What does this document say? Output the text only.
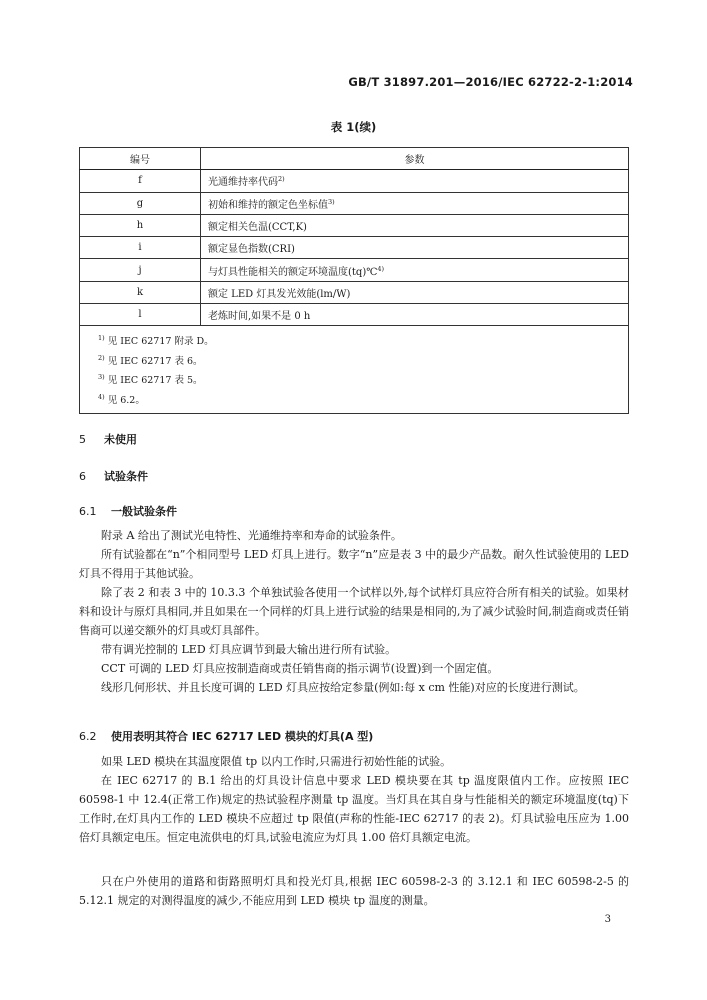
GB/T 31897.201—2016/IEC 62722-2-1:2014
表 1(续)
编号	参数
f	光通维持率代码$^{2)}$
g	初始和维持的额定色坐标值$^{3)}$
h	额定相关色温(CCT,K)
i	额定显色指数(CRI)
j	与灯具性能相关的额定环境温度(tq)℃$^{4)}$
k	额定 LED 灯具发光效能(lm/W)
l	老炼时间,如果不是 0 h

$^{1)}$ 见 IEC 62717 附录 D。
$^{2)}$ 见 IEC 62717 表 6。
$^{3)}$ 见 IEC 62717 表 5。
$^{4)}$ 见 6.2。	
5 未使用
6 试验条件
6.1 一般试验条件
附录 A 给出了测试光电特性、光通维持率和寿命的试验条件。
所有试验都在“n”个相同型号 LED 灯具上进行。数字“n”应是表 3 中的最少产品数。耐久性试验使用的 LED 灯具不得用于其他试验。
除了表 2 和表 3 中的 10.3.3 个单独试验各使用一个试样以外,每个试样灯具应符合所有相关的试验。如果材料和设计与原灯具相同,并且如果在一个同样的灯具上进行试验的结果是相同的,为了减少试验时间,制造商或责任销售商可以递交额外的灯具或灯具部件。
带有调光控制的 LED 灯具应调节到最大输出进行所有试验。
CCT 可调的 LED 灯具应按制造商或责任销售商的指示调节(设置)到一个固定值。
线形几何形状、并且长度可调的 LED 灯具应按给定参量(例如:每 x cm 性能)对应的长度进行测试。
6.2 使用表明其符合 IEC 62717 LED 模块的灯具(A 型)
如果 LED 模块在其温度限值 tp 以内工作时,只需进行初始性能的试验。
在 IEC 62717 的 B.1 给出的灯具设计信息中要求 LED 模块要在其 tp 温度限值内工作。应按照 IEC 60598-1 中 12.4(正常工作)规定的热试验程序测量 tp 温度。当灯具在其自身与性能相关的额定环境温度(tq)下工作时,在灯具内工作的 LED 模块不应超过 tp 限值(声称的性能-IEC 62717 的表 2)。灯具试验电压应为 1.00 倍灯具额定电压。恒定电流供电的灯具,试验电流应为灯具 1.00 倍灯具额定电流。
只在户外使用的道路和街路照明灯具和投光灯具,根据 IEC 60598-2-3 的 3.12.1 和 IEC 60598-2-5 的 5.12.1 规定的对测得温度的减少,不能应用到 LED 模块 tp 温度的测量。
3
